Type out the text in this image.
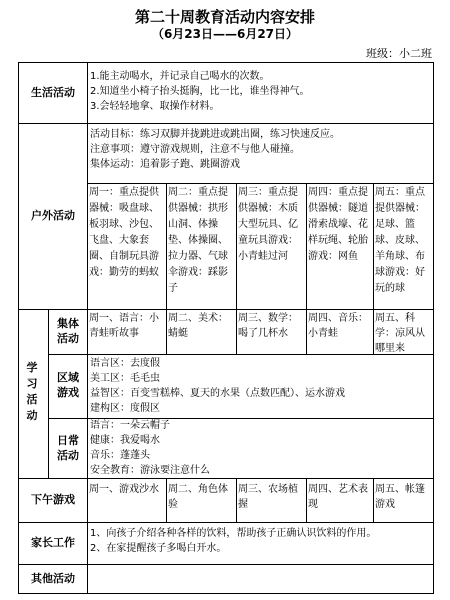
第二十周教育活动内容安排
（6月23日——6月27日）
班级：小二班
生活活动
1.能主动喝水，并记录自己喝水的次数。
2.知道坐小椅子抬头挺胸，比一比，谁坐得神气。
3.会轻轻地拿、取操作材料。
户外活动
活动目标：练习双脚并拢跳进或跳出圈，练习快速反应。
注意事项：遵守游戏规则，注意不与他人碰撞。
集体运动：追着影子跑、跳圈游戏
周一：重点提供器械：吸盘球、板羽球、沙包、飞盘、大象套圈、自制玩具游戏：勤劳的蚂蚁
周二：重点提供器械：拱形山洞、体操垫、体操圈、拉力器、气球伞游戏：踩影子
周三：重点提供器械：木质大型玩具、亿童玩具游戏：小青蛙过河
周四：重点提供器械：隧道滑索战壕、花样玩绳、轮胎游戏：网鱼
周五：重点提供器械：足球、篮球、皮球、羊角球、布球游戏：好玩的球
学习活动
集体活动
周一、语言：小青蛙听故事
周二、美术：蜻蜓
周三、数学：喝了几杯水
周四、音乐：小青蛙
周五、科学：凉风从哪里来
区域游戏
语言区：去度假
美工区：毛毛虫
益智区：百变雪糕棒、夏天的水果（点数匹配）、运水游戏
建构区：度假区
日常活动
语言：一朵云帽子
健康：我爱喝水
音乐：蓬蓬头
安全教育：游泳要注意什么
下午游戏
周一、游戏沙水 周二、角色体验
周三、农场植握
周四、艺术表现
周五、帐篷游戏
家长工作
1、向孩子介绍各种各样的饮料，帮助孩子正确认识饮料的作用。
2、在家提醒孩子多喝白开水。
其他活动
